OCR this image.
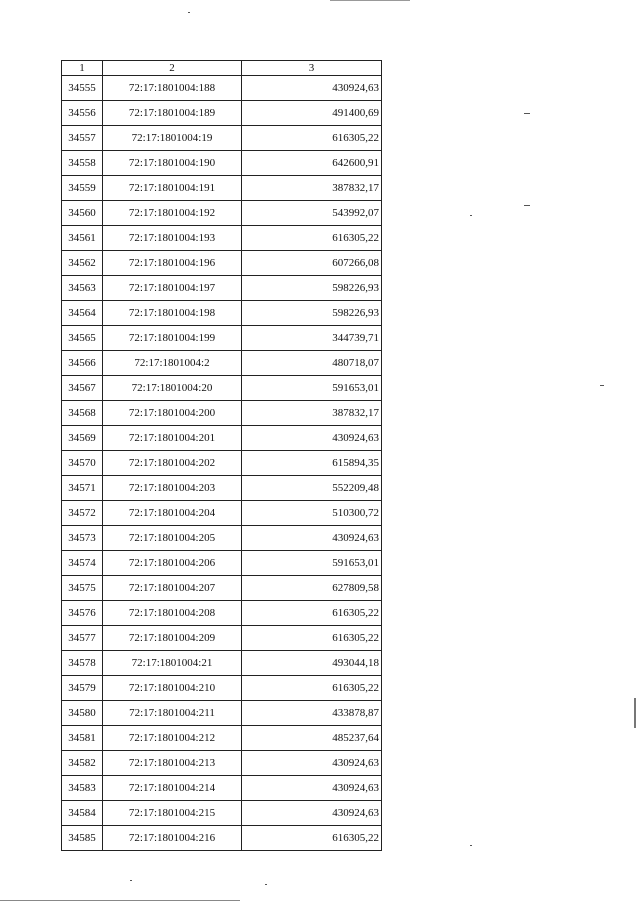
1	2	3
34555	72:17:1801004:188	430924,63
34556	72:17:1801004:189	491400,69
34557	72:17:1801004:19	616305,22
34558	72:17:1801004:190	642600,91
34559	72:17:1801004:191	387832,17
34560	72:17:1801004:192	543992,07
34561	72:17:1801004:193	616305,22
34562	72:17:1801004:196	607266,08
34563	72:17:1801004:197	598226,93
34564	72:17:1801004:198	598226,93
34565	72:17:1801004:199	344739,71
34566	72:17:1801004:2	480718,07
34567	72:17:1801004:20	591653,01
34568	72:17:1801004:200	387832,17
34569	72:17:1801004:201	430924,63
34570	72:17:1801004:202	615894,35
34571	72:17:1801004:203	552209,48
34572	72:17:1801004:204	510300,72
34573	72:17:1801004:205	430924,63
34574	72:17:1801004:206	591653,01
34575	72:17:1801004:207	627809,58
34576	72:17:1801004:208	616305,22
34577	72:17:1801004:209	616305,22
34578	72:17:1801004:21	493044,18
34579	72:17:1801004:210	616305,22
34580	72:17:1801004:211	433878,87
34581	72:17:1801004:212	485237,64
34582	72:17:1801004:213	430924,63
34583	72:17:1801004:214	430924,63
34584	72:17:1801004:215	430924,63
34585	72:17:1801004:216	616305,22
